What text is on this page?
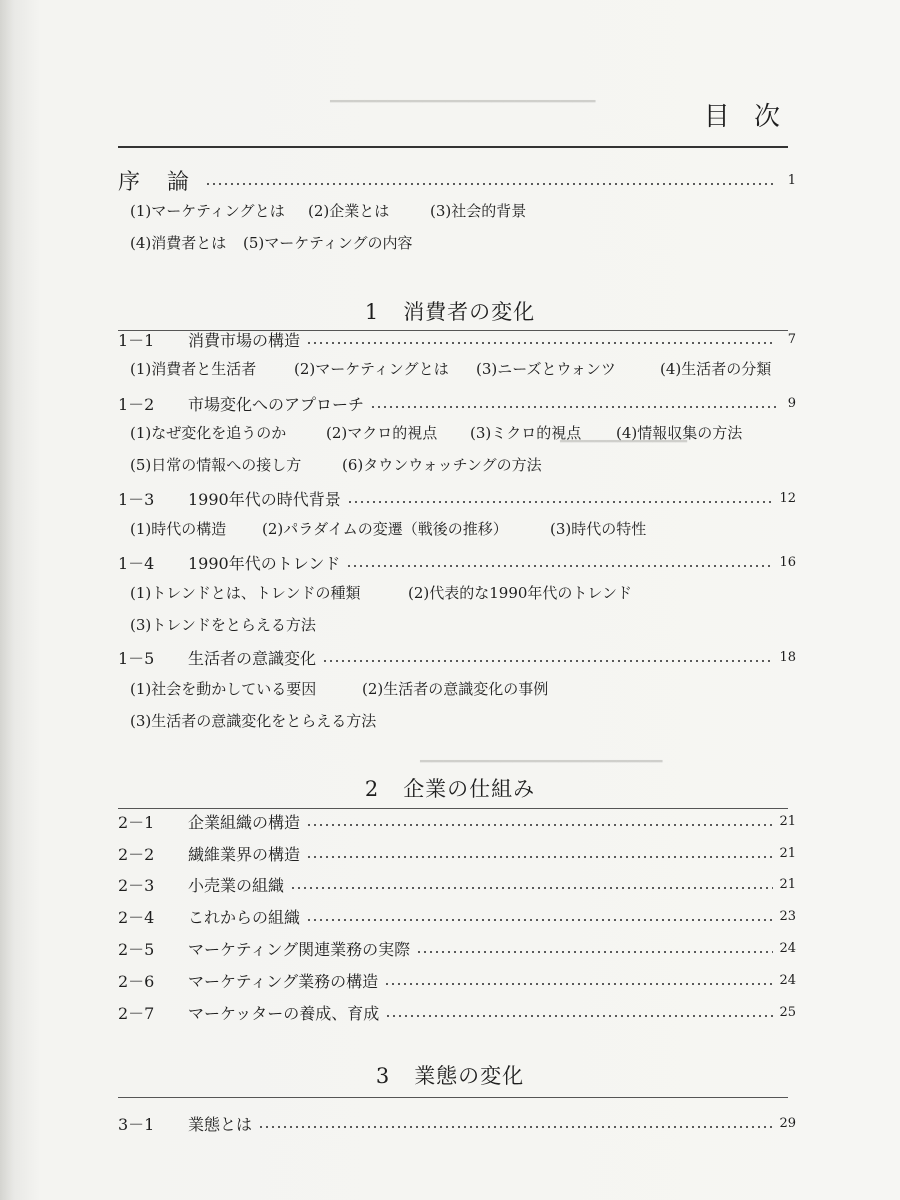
▔▔▔▔▔▔▔▔▔▔▔▔▔▔▔▔▔▔▔▔▔▔▔
▔▔▔▔▔▔▔▔▔▔▔
▔▔▔▔▔▔▔▔▔▔▔▔▔▔▔▔▔▔▔▔▔
目 次
序 論	1
(1)マーケティングとは (2)企業とは	(3)社会的背景
(4)消費者とは (5)マーケティングの内容
1 消費者の変化
1－1	消費市場の構造	7
(1)消費者と生活者	(2)マーケティングとは (3)ニーズとウォンツ	(4)生活者の分類
1－2	市場変化へのアプローチ	9
(1)なぜ変化を追うのか	(2)マクロ的視点 (3)ミクロ的視点 (4)情報収集の方法
(5)日常の情報への接し方	(6)タウンウォッチングの方法
1－3	1990年代の時代背景	12
(1)時代の構造 (2)パラダイムの変遷（戦後の推移）	(3)時代の特性
1－4	1990年代のトレンド	16
(1)トレンドとは、トレンドの種類	(2)代表的な1990年代のトレンド
(3)トレンドをとらえる方法
1－5	生活者の意識変化	18
(1)社会を動かしている要因	(2)生活者の意識変化の事例
(3)生活者の意識変化をとらえる方法
2 企業の仕組み
2－1	企業組織の構造	21
2－2	繊維業界の構造	21
2－3	小売業の組織	21
2－4	これからの組織	23
2－5	マーケティング関連業務の実際	24
2－6	マーケティング業務の構造	24
2－7	マーケッターの養成、育成	25
3 業態の変化
3－1	業態とは	29
